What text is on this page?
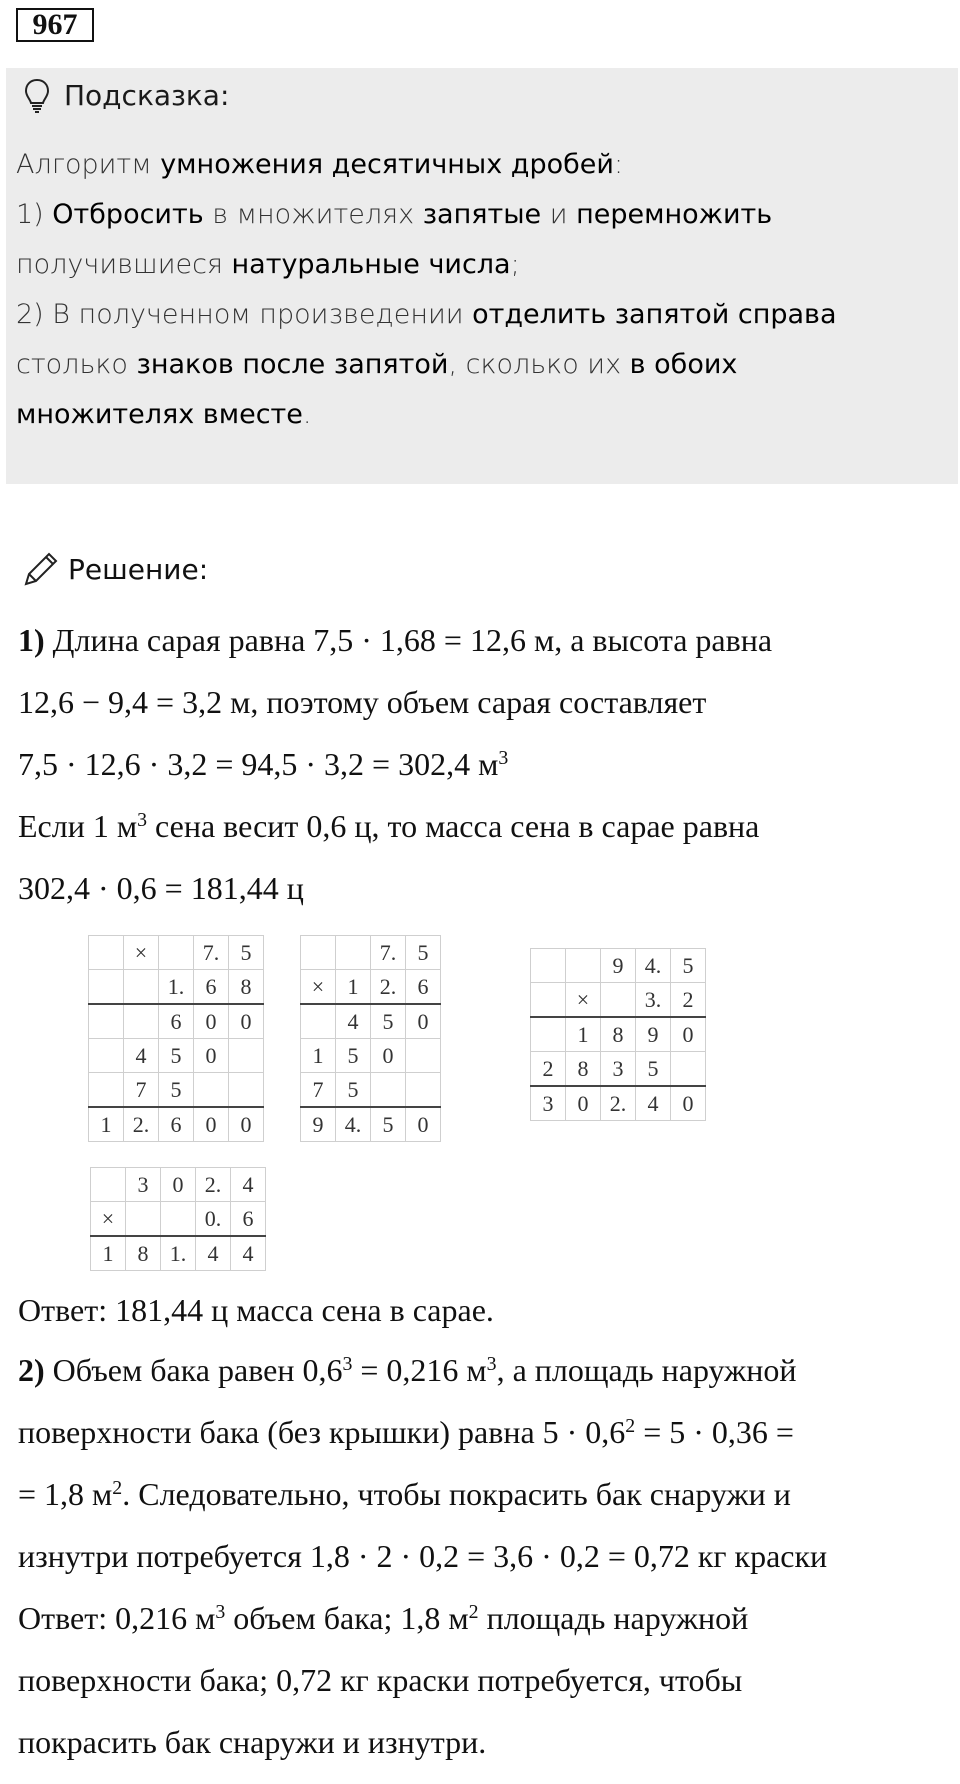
967
Подсказка:
Алгоритм умножения десятичных дробей:
1) Отбросить в множителях запятые и перемножить
получившиеся натуральные числа;
2) В полученном произведении отделить запятой справа
столько знаков после запятой, сколько их в обоих
множителях вместе.
Решение:
1) Длина сарая равна 7,5 · 1,68 = 12,6 м, а высота равна
12,6 − 9,4 = 3,2 м, поэтому объем сарая составляет
7,5 · 12,6 · 3,2 = 94,5 · 3,2 = 302,4 $м^3$
Если 1 $м^3$ сена весит 0,6 ц, то масса сена в сарае равна
302,4 · 0,6 = 181,44 ц
	×		7.	5
		1.	6	8
		6	0	0
	4	5	0	
	7	5		
1	2.	6	0	0
		7.	5
×	1	2.	6
	4	5	0
1	5	0	
7	5		
9	4.	5	0
		9	4.	5
	×		3.	2
	1	8	9	0
2	8	3	5	
3	0	2.	4	0
	3	0	2.	4
×			0.	6
1	8	1.	4	4
Ответ: 181,44 ц масса сена в сарае.
2) Объем бака равен $0,6^3 = 0,216$ $м^3$, а площадь наружной
поверхности бака (без крышки) равна $5 \cdot 0,6^2 = 5 \cdot 0,36$ =
= 1,8 $м^2$. Следовательно, чтобы покрасить бак снаружи и
изнутри потребуется 1,8 · 2 · 0,2 = 3,6 · 0,2 = 0,72 кг краски
Ответ: 0,216 $м^3$ объем бака; 1,8 $м^2$ площадь наружной
поверхности бака; 0,72 кг краски потребуется, чтобы
покрасить бак снаружи и изнутри.
